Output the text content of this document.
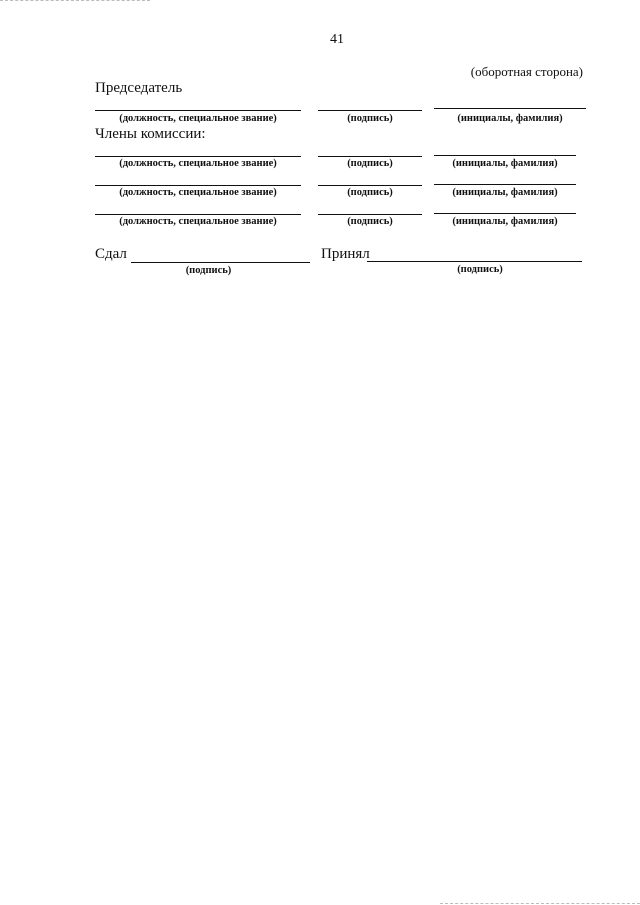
41
(оборотная сторона)
Председатель
(должность, специальное звание)	(подпись)	(инициалы, фамилия)
Члены комиссии:
(должность, специальное звание)	(подпись)	(инициалы, фамилия)
(должность, специальное звание)	(подпись)	(инициалы, фамилия)
(должность, специальное звание)	(подпись)	(инициалы, фамилия)
Сдал
(подпись)
Принял
(подпись)
